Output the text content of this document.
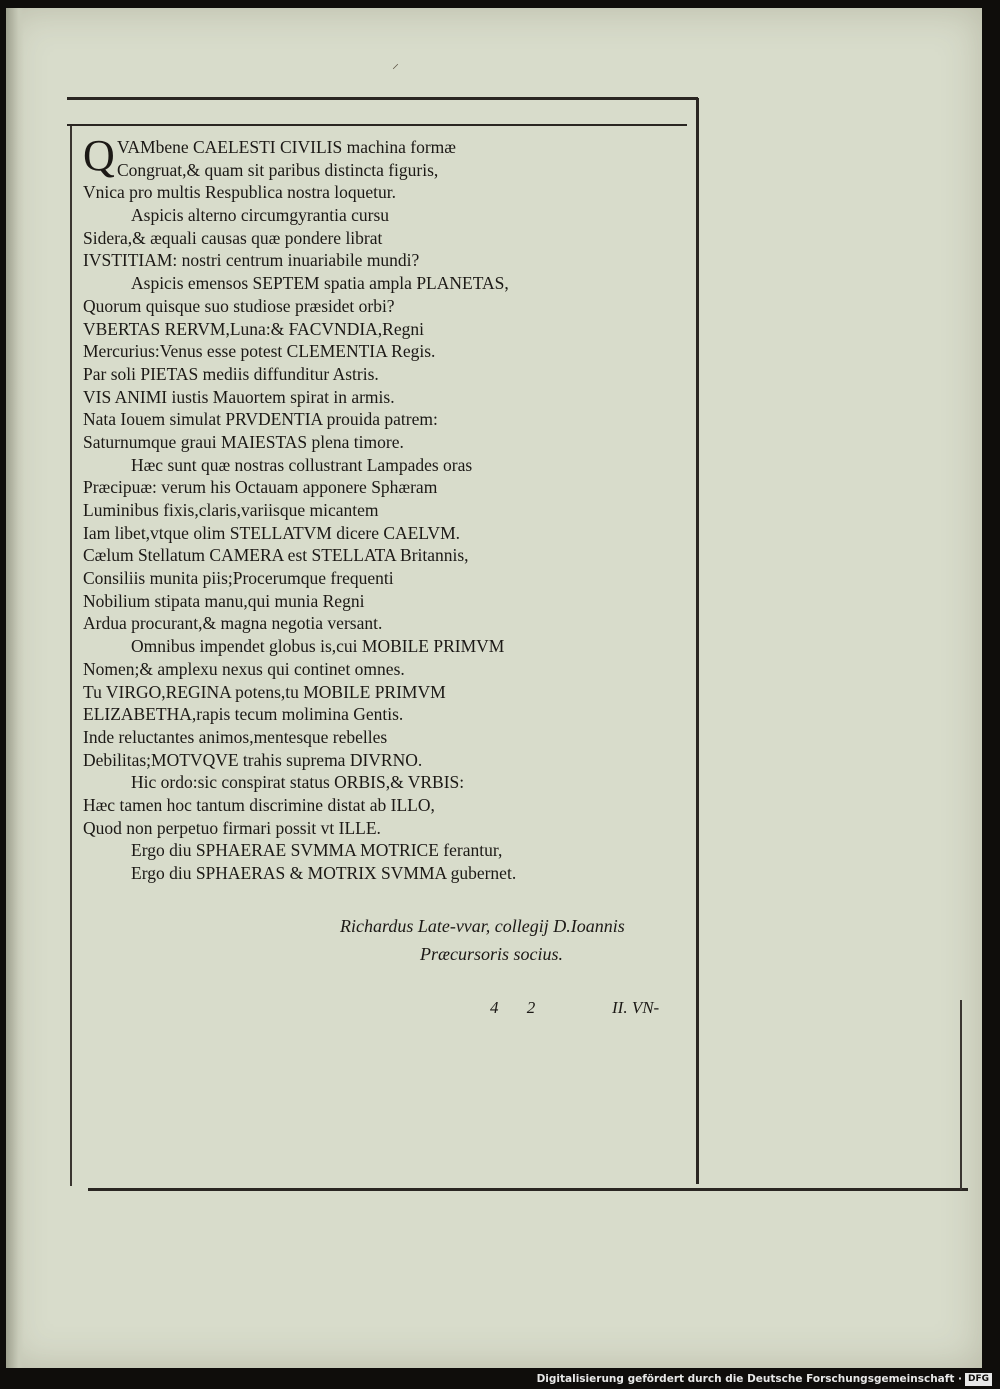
⸝
Q VAMbene CAELESTI CIVILIS machina formæ
Congruat,& quam sit paribus distincta figuris,
Vnica pro multis Respublica nostra loquetur.
Aspicis alterno circumgyrantia cursu
Sidera,& æquali causas quæ pondere librat
IVSTITIAM: nostri centrum inuariabile mundi?
Aspicis emensos SEPTEM spatia ampla PLANETAS,
Quorum quisque suo studiose præsidet orbi?
VBERTAS RERVM,Luna:& FACVNDIA,Regni
Mercurius:Venus esse potest CLEMENTIA Regis.
Par soli PIETAS mediis diffunditur Astris.
VIS ANIMI iustis Mauortem spirat in armis.
Nata Iouem simulat PRVDENTIA prouida patrem:
Saturnumque graui MAIESTAS plena timore.
Hæc sunt quæ nostras collustrant Lampades oras
Præcipuæ: verum his Octauam apponere Sphæram
Luminibus fixis,claris,variisque micantem
Iam libet,vtque olim STELLATVM dicere CAELVM.
Cælum Stellatum CAMERA est STELLATA Britannis,
Consiliis munita piis;Procerumque frequenti
Nobilium stipata manu,qui munia Regni
Ardua procurant,& magna negotia versant.
Omnibus impendet globus is,cui MOBILE PRIMVM
Nomen;& amplexu nexus qui continet omnes.
Tu VIRGO,REGINA potens,tu MOBILE PRIMVM
ELIZABETHA,rapis tecum molimina Gentis.
Inde reluctantes animos,mentesque rebelles
Debilitas;MOTVQVE trahis suprema DIVRNO.
Hic ordo:sic conspirat status ORBIS,& VRBIS:
Hæc tamen hoc tantum discrimine distat ab ILLO,
Quod non perpetuo firmari possit vt ILLE.
Ergo diu SPHAERAE SVMMA MOTRICE ferantur,
Ergo diu SPHAERAS & MOTRIX SVMMA gubernet.
Richardus Late-vvar, collegij D.Ioannis
Præcursoris socius.
4 2	II. VN-
Digitalisierung gefördert durch die Deutsche Forschungsgemeinschaft · DFG
